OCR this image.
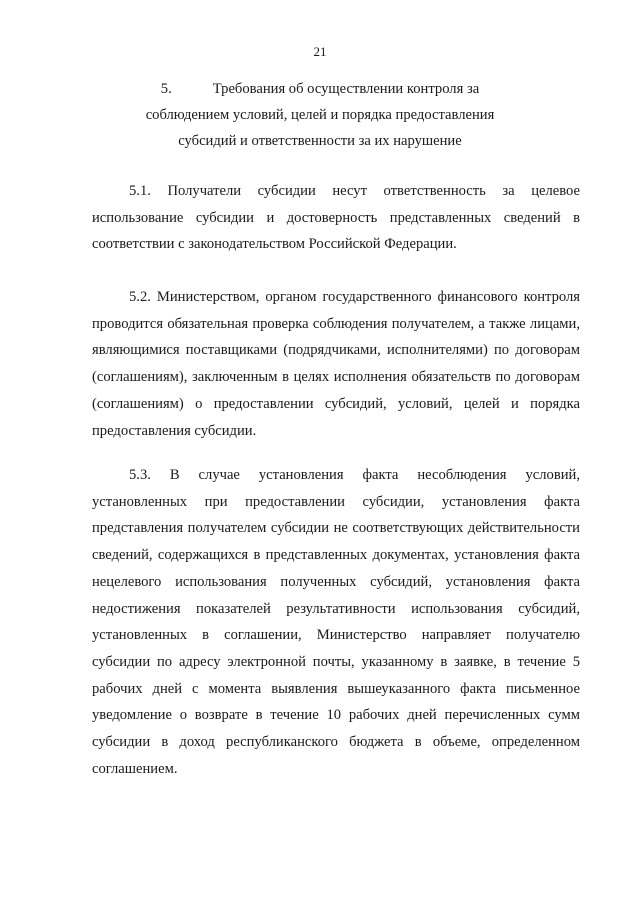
21
5.	Требования об осуществлении контроля за
соблюдением условий, целей и порядка предоставления
субсидий и ответственности за их нарушение

5.1. Получатели субсидии несут ответственность за целевое использование субсидии и достоверность представленных сведений в соответствии с законодательством Российской Федерации.

5.2. Министерством, органом государственного финансового контроля проводится обязательная проверка соблюдения получателем, а также лицами, являющимися поставщиками (подрядчиками, исполнителями) по договорам (соглашениям), заключенным в целях исполнения обязательств по договорам (соглашениям) о предоставлении субсидий, условий, целей и порядка предоставления субсидии.

5.3. В случае установления факта несоблюдения условий, установленных при предоставлении субсидии, установления факта представления получателем субсидии не соответствующих действительности сведений, содержащихся в представленных документах, установления факта нецелевого использования полученных субсидий, установления факта недостижения показателей результативности использования субсидий, установленных в соглашении, Министерство направляет получателю субсидии по адресу электронной почты, указанному в заявке, в течение 5 рабочих дней с момента выявления вышеуказанного факта письменное уведомление о возврате в течение 10 рабочих дней перечисленных сумм субсидии в доход республиканского бюджета в объеме, определенном соглашением.
